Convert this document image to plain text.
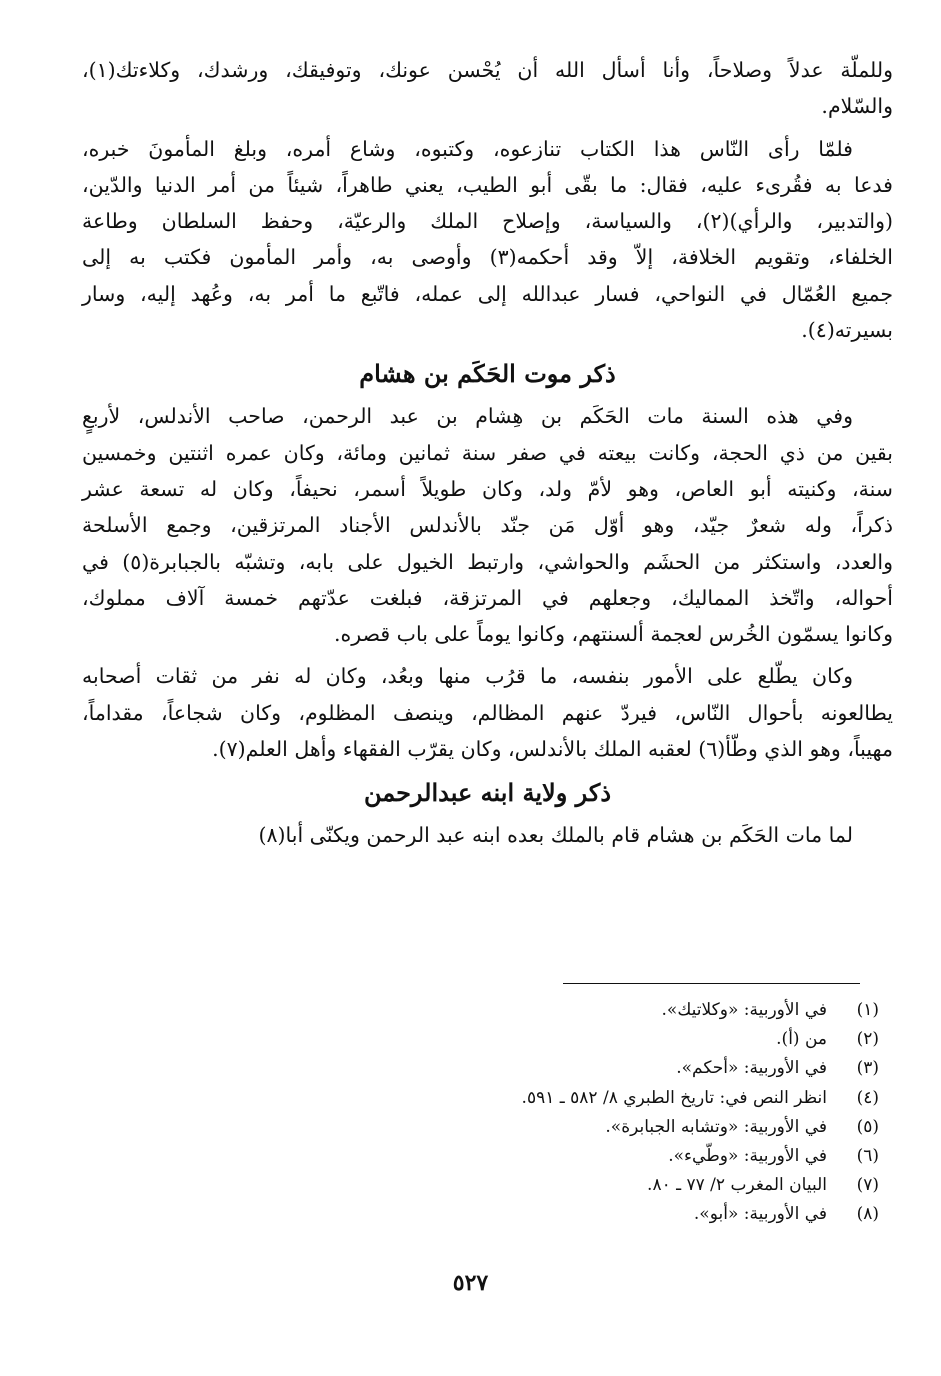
وللملّة عدلاً وصلاحاً، وأنا أسأل الله أن يُحْسن عونك، وتوفيقك، ورشدك، وكلاءتك(١)،
والسّلام.
فلمّا رأى النّاس هذا الكتاب تنازعوه، وكتبوه، وشاع أمره، وبلغ المأمونَ خبره،
فدعا به فقُرىء عليه، فقال: ما بقّى أبو الطيب، يعني طاهراً، شيئاً من أمر الدنيا والدّين،
(والتدبير، والرأي)(٢)، والسياسة، وإصلاح الملك والرعيّة، وحفظ السلطان وطاعة
الخلفاء، وتقويم الخلافة، إلاّ وقد أحكمه(٣) وأوصى به، وأمر المأمون فكتب به إلى
جميع العُمّال في النواحي، فسار عبدالله إلى عمله، فاتّبع ما أمر به، وعُهد إليه، وسار
بسيرته(٤).
ذكر موت الحَكَم بن هشام
وفي هذه السنة مات الحَكَم بن هِشام بن عبد الرحمن، صاحب الأندلس، لأربعٍ
بقين من ذي الحجة، وكانت بيعته في صفر سنة ثمانين ومائة، وكان عمره اثنتين وخمسين
سنة، وكنيته أبو العاص، وهو لأمّ ولد، وكان طويلاً أسمر، نحيفاً، وكان له تسعة عشر
ذكراً، وله شعرٌ جيّد، وهو أوّل مَن جنّد بالأندلس الأجناد المرتزقين، وجمع الأسلحة
والعدد، واستكثر من الحشَم والحواشي، وارتبط الخيول على بابه، وتشبّه بالجبابرة(٥) في
أحواله، واتّخذ المماليك، وجعلهم في المرتزقة، فبلغت عدّتهم خمسة آلاف مملوك،
وكانوا يسمّون الخُرس لعجمة ألسنتهم، وكانوا يوماً على باب قصره.
وكان يطّلع على الأمور بنفسه، ما قرُب منها وبعُد، وكان له نفر من ثقات أصحابه
يطالعونه بأحوال النّاس، فيردّ عنهم المظالم، وينصف المظلوم، وكان شجاعاً، مقداماً،
مهيباً، وهو الذي وطّأ(٦) لعقبه الملك بالأندلس، وكان يقرّب الفقهاء وأهل العلم(٧).
ذكر ولاية ابنه عبدالرحمن
لما مات الحَكَم بن هشام قام بالملك بعده ابنه عبد الرحمن ويكنّى أبا(٨)
(١)
في الأوربية: «وكلاتيك».
(٢)
من (أ).
(٣)
في الأوربية: «أحكم».
(٤)
انظر النص في: تاريخ الطبري ٨/ ٥٨٢ ـ ٥٩١.
(٥)
في الأوربية: «وتشابه الجبابرة».
(٦)
في الأوربية: «وطّيء».
(٧)
البيان المغرب ٢/ ٧٧ ـ ٨٠.
(٨)
في الأوربية: «أبو».
٥٢٧
